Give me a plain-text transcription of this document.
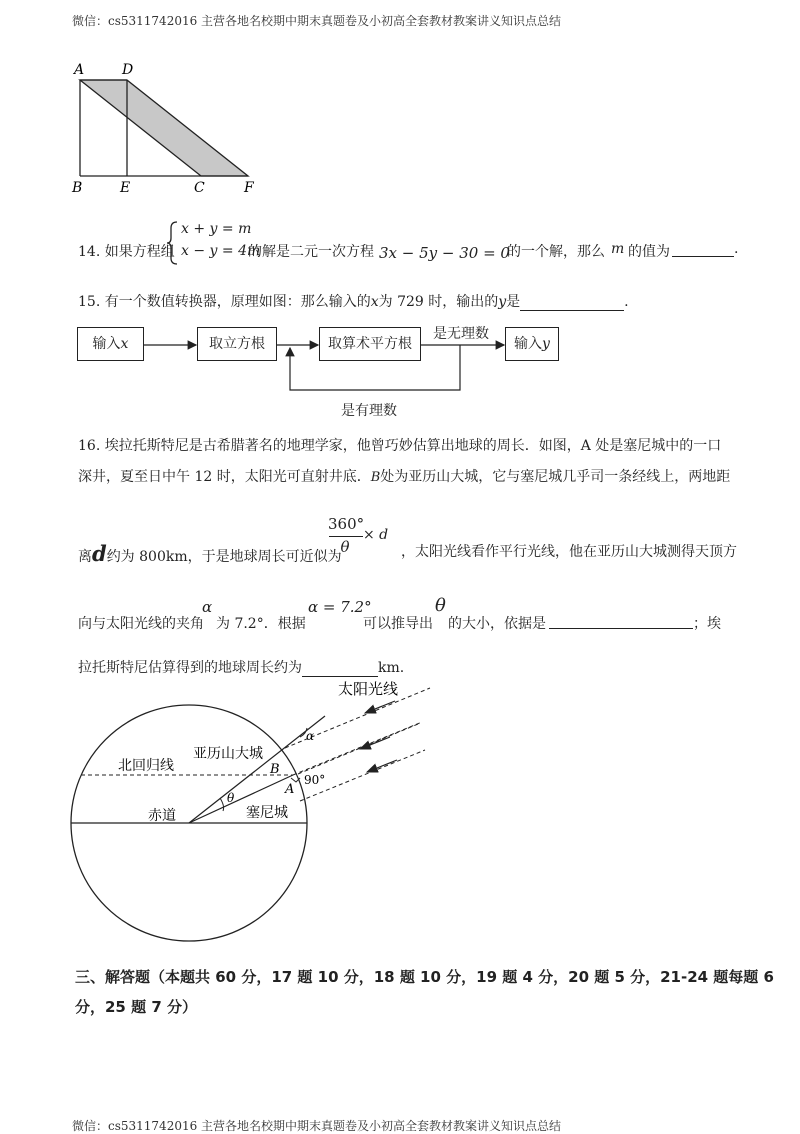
微信：cs5311742016 主营各地名校期中期末真题卷及小初高全套教材教案讲义知识点总结
A	D
B	E	C	F
14. 如果方程组
x + y = m
x − y = 4m
的解是二元一次方程 3x − 5y − 30 = 0
的一个解，那么 m 的值为	.
15. 有一个数值转换器，原理如图：那么输入的x为 729 时，输出的y是	.
输入x	取立方根	取算术平方根	输入y
是无理数
是有理数
16. 埃拉托斯特尼是古希腊著名的地理学家，他曾巧妙估算出地球的周长．如图，A 处是塞尼城中的一口
深井，夏至日中午 12 时，太阳光可直射井底．B处为亚历山大城，它与塞尼城几乎司一条经线上，两地距
离d约为 800km，于是地球周长可近似为
360°
θ
× d
，太阳光线看作平行光线，他在亚历山大城测得天顶方
向与太阳光线的夹角
α
为 7.2°．根据
α = 7.2°
可以推导出
θ
的大小，依据是	；埃
拉托斯特尼估算得到的地球周长约为	km.
太阳光线
亚历山大城
北回归线
赤道	塞尼城
B
A
α
θ
90°
三、解答题（本题共 60 分，17 题 10 分，18 题 10 分，19 题 4 分，20 题 5 分，21-24 题每题 6
分，25 题 7 分）
微信：cs5311742016 主营各地名校期中期末真题卷及小初高全套教材教案讲义知识点总结
